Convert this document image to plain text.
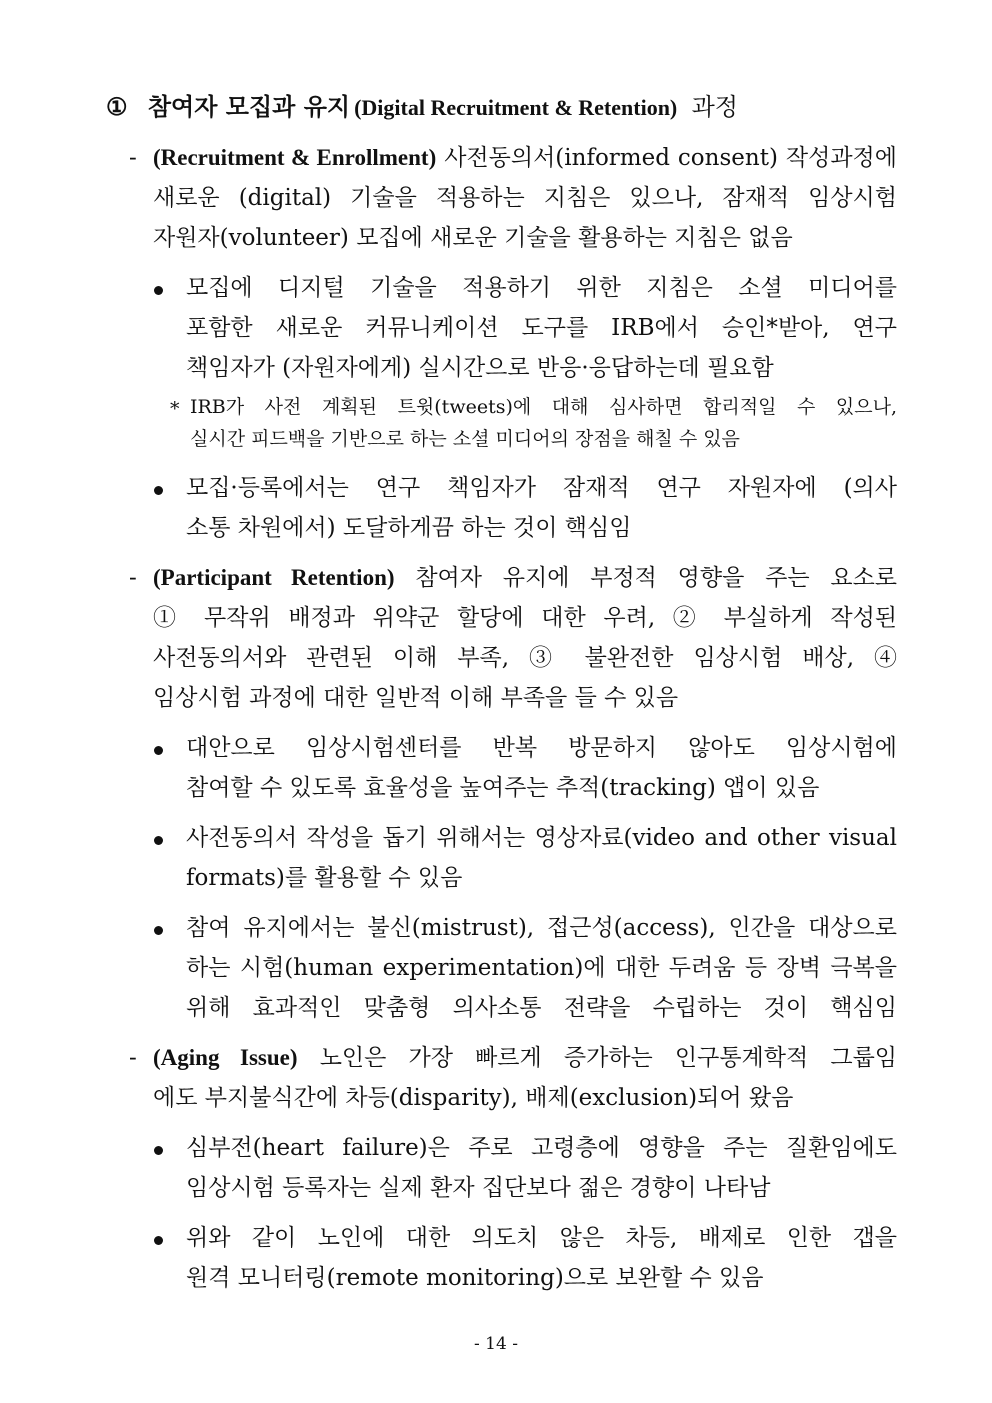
① 참여자 모집과 유지 (Digital Recruitment & Retention) 과정
- (Recruitment & Enrollment) 사전동의서(informed consent) 작성과정에
새로운 (digital) 기술을 적용하는 지침은 있으나, 잠재적 임상시험
자원자(volunteer) 모집에 새로운 기술을 활용하는 지침은 없음
모집에 디지털 기술을 적용하기 위한 지침은 소셜 미디어를
포함한 새로운 커뮤니케이션 도구를 IRB에서 승인*받아, 연구
책임자가 (자원자에게) 실시간으로 반응·응답하는데 필요함
* IRB가 사전 계획된 트윗(tweets)에 대해 심사하면 합리적일 수 있으나,
실시간 피드백을 기반으로 하는 소셜 미디어의 장점을 해칠 수 있음
모집·등록에서는 연구 책임자가 잠재적 연구 자원자에 (의사
소통 차원에서) 도달하게끔 하는 것이 핵심임
- (Participant Retention) 참여자 유지에 부정적 영향을 주는 요소로
① 무작위 배정과 위약군 할당에 대한 우려, ② 부실하게 작성된
사전동의서와 관련된 이해 부족, ③ 불완전한 임상시험 배상, ④
임상시험 과정에 대한 일반적 이해 부족을 들 수 있음
대안으로 임상시험센터를 반복 방문하지 않아도 임상시험에
참여할 수 있도록 효율성을 높여주는 추적(tracking) 앱이 있음
사전동의서 작성을 돕기 위해서는 영상자료(video and other visual
formats)를 활용할 수 있음
참여 유지에서는 불신(mistrust), 접근성(access), 인간을 대상으로
하는 시험(human experimentation)에 대한 두려움 등 장벽 극복을
위해 효과적인 맞춤형 의사소통 전략을 수립하는 것이 핵심임
- (Aging Issue) 노인은 가장 빠르게 증가하는 인구통계학적 그룹임
에도 부지불식간에 차등(disparity), 배제(exclusion)되어 왔음
심부전(heart failure)은 주로 고령층에 영향을 주는 질환임에도
임상시험 등록자는 실제 환자 집단보다 젊은 경향이 나타남
위와 같이 노인에 대한 의도치 않은 차등, 배제로 인한 갭을
원격 모니터링(remote monitoring)으로 보완할 수 있음
- 14 -
